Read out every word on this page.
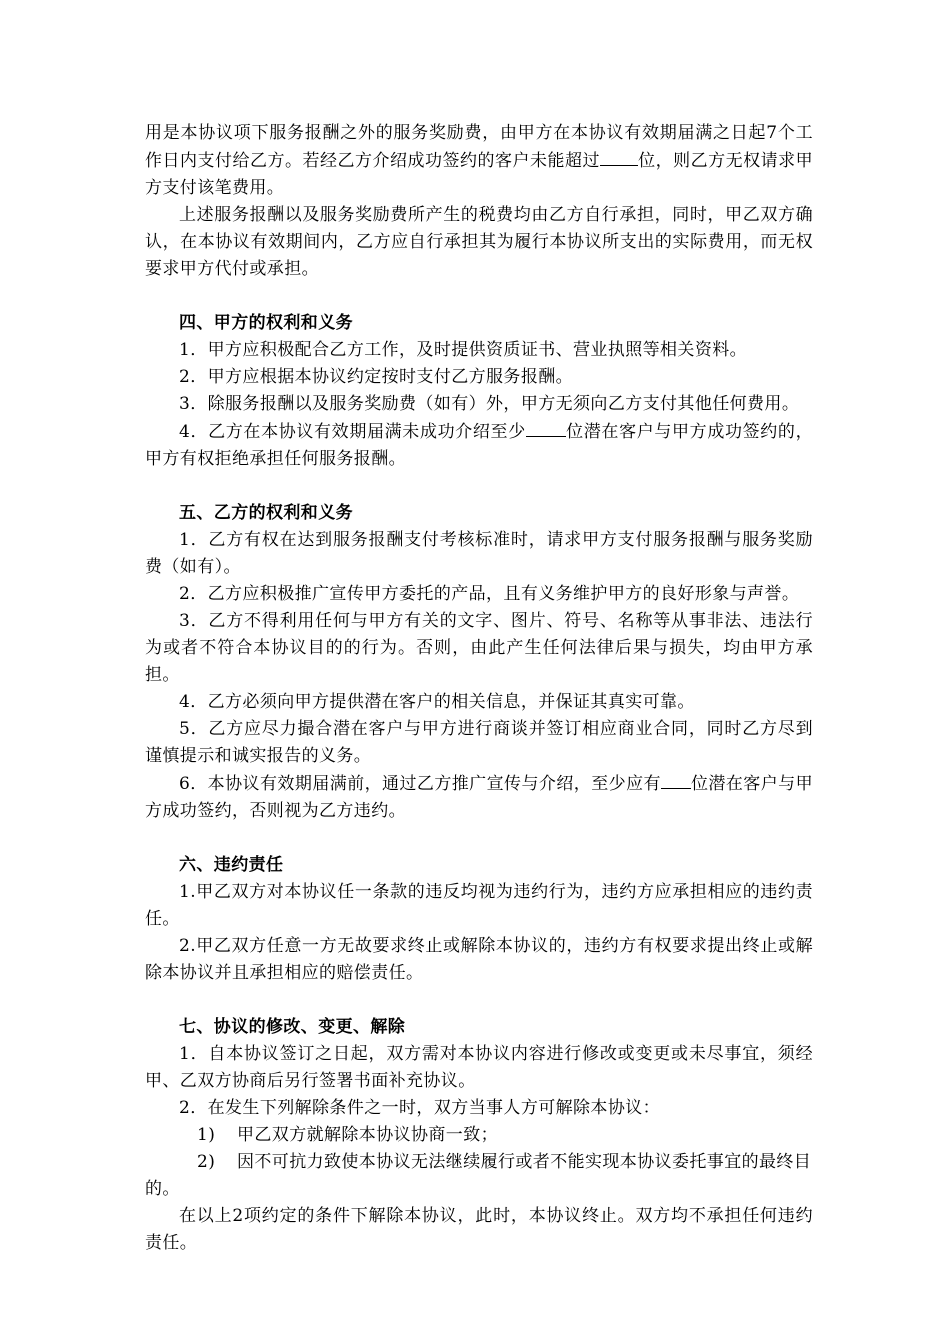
用是本协议项下服务报酬之外的服务奖励费，由甲方在本协议有效期届满之日起7个工作日内支付给乙方。若经乙方介绍成功签约的客户未能超过 位，则乙方无权请求甲方支付该笔费用。

上述服务报酬以及服务奖励费所产生的税费均由乙方自行承担，同时，甲乙双方确认，在本协议有效期间内，乙方应自行承担其为履行本协议所支出的实际费用，而无权要求甲方代付或承担。

四、甲方的权利和义务

1．甲方应积极配合乙方工作，及时提供资质证书、营业执照等相关资料。

2．甲方应根据本协议约定按时支付乙方服务报酬。

3．除服务报酬以及服务奖励费（如有）外，甲方无须向乙方支付其他任何费用。

4．乙方在本协议有效期届满未成功介绍至少 位潜在客户与甲方成功签约的，甲方有权拒绝承担任何服务报酬。

五、乙方的权利和义务

1．乙方有权在达到服务报酬支付考核标准时，请求甲方支付服务报酬与服务奖励费（如有）。

2．乙方应积极推广宣传甲方委托的产品，且有义务维护甲方的良好形象与声誉。

3．乙方不得利用任何与甲方有关的文字、图片、符号、名称等从事非法、违法行为或者不符合本协议目的的行为。否则，由此产生任何法律后果与损失，均由甲方承担。

4．乙方必须向甲方提供潜在客户的相关信息，并保证其真实可靠。

5．乙方应尽力撮合潜在客户与甲方进行商谈并签订相应商业合同，同时乙方尽到谨慎提示和诚实报告的义务。

6．本协议有效期届满前，通过乙方推广宣传与介绍，至少应有 位潜在客户与甲方成功签约，否则视为乙方违约。

六、违约责任

1.甲乙双方对本协议任一条款的违反均视为违约行为，违约方应承担相应的违约责任。

2.甲乙双方任意一方无故要求终止或解除本协议的，违约方有权要求提出终止或解除本协议并且承担相应的赔偿责任。

七、协议的修改、变更、解除

1．自本协议签订之日起，双方需对本协议内容进行修改或变更或未尽事宜，须经甲、乙双方协商后另行签署书面补充协议。

2．在发生下列解除条件之一时，双方当事人方可解除本协议：

1) 甲乙双方就解除本协议协商一致；

2) 因不可抗力致使本协议无法继续履行或者不能实现本协议委托事宜的最终目的。

在以上2项约定的条件下解除本协议，此时，本协议终止。双方均不承担任何违约责任。
